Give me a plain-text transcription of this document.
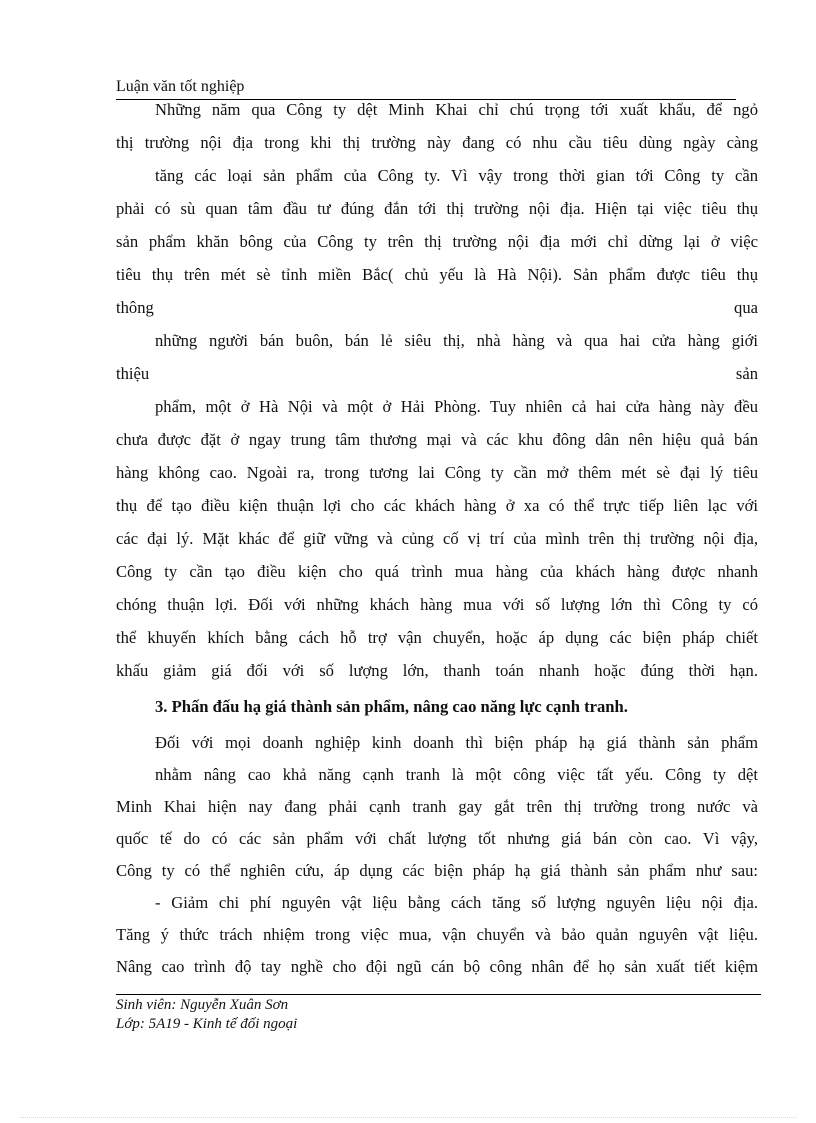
Luận văn tốt nghiệp
Những năm qua Công ty dệt Minh Khai chỉ chú trọng tới xuất khẩu, để ngỏ
thị trường nội địa trong khi thị trường này đang có nhu cầu tiêu dùng ngày càng
tăng các loại sản phẩm của Công ty. Vì vậy trong thời gian tới Công ty cần
phải có sù quan tâm đầu tư đúng đắn tới thị trường nội địa. Hiện tại việc tiêu thụ
sản phẩm khăn bông của Công ty trên thị trường nội địa mới chỉ dừng lại ở việc
tiêu thụ trên mét sè tỉnh miền Bắc( chủ yếu là Hà Nội). Sản phẩm được tiêu thụ
thông	qua
những người bán buôn, bán lẻ siêu thị, nhà hàng và qua hai cửa hàng giới
thiệu	sản
phẩm, một ở Hà Nội và một ở Hải Phòng. Tuy nhiên cả hai cửa hàng này đều
chưa được đặt ở ngay trung tâm thương mại và các khu đông dân nên hiệu quả bán
hàng không cao. Ngoài ra, trong tương lai Công ty cần mở thêm mét sè đại lý tiêu
thụ để tạo điều kiện thuận lợi cho các khách hàng ở xa có thể trực tiếp liên lạc với
các đại lý. Mặt khác để giữ vững và củng cố vị trí của mình trên thị trường nội địa,
Công ty cần tạo điều kiện cho quá trình mua hàng của khách hàng được nhanh
chóng thuận lợi. Đối với những khách hàng mua với số lượng lớn thì Công ty có
thể khuyến khích bằng cách hỗ trợ vận chuyển, hoặc áp dụng các biện pháp chiết
khấu giảm giá đối với số lượng lớn, thanh toán nhanh hoặc đúng thời hạn.
3. Phấn đấu hạ giá thành sản phẩm, nâng cao năng lực cạnh tranh.
Đối với mọi doanh nghiệp kinh doanh thì biện pháp hạ giá thành sản phẩm
nhằm nâng cao khả năng cạnh tranh là một công việc tất yếu. Công ty dệt
Minh Khai hiện nay đang phải cạnh tranh gay gắt trên thị trường trong nước và
quốc tế do có các sản phẩm với chất lượng tốt nhưng giá bán còn cao. Vì vậy,
Công ty có thể nghiên cứu, áp dụng các biện pháp hạ giá thành sản phẩm như sau:
- Giảm chi phí nguyên vật liệu bằng cách tăng số lượng nguyên liệu nội địa.
Tăng ý thức trách nhiệm trong việc mua, vận chuyển và bảo quản nguyên vật liệu.
Nâng cao trình độ tay nghề cho đội ngũ cán bộ công nhân để họ sản xuất tiết kiệm
Sinh viên: Nguyễn Xuân Sơn
Lớp: 5A19 - Kinh tế đối ngoại
